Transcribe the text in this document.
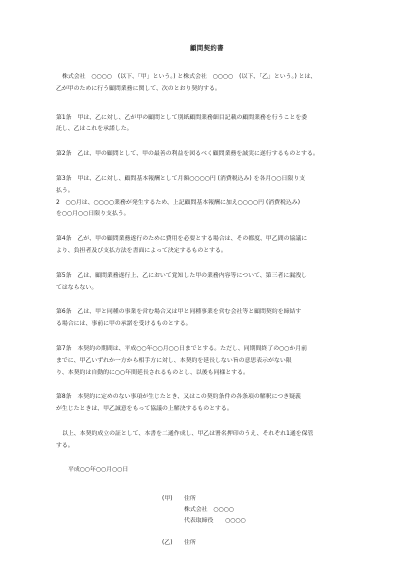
顧問契約書

株式会社　○○○○　(以下、「甲」という。) と株式会社　○○○○　(以下、「乙」という。) とは、
乙が甲のために行う顧問業務に関して、次のとおり契約する。

第1条　甲は、乙に対し、乙が甲の顧問として別紙顧問業務細目記載の顧問業務を行うことを委
託し、乙はこれを承諾した。

第2条　乙は、甲の顧問として、甲の最善の利益を図るべく顧問業務を誠実に遂行するものとする。

第3条　甲は、乙に対し、顧問基本報酬として月額○○○○円 (消費税込み) を各月○○日限り支
払う。
2　○○月は、○○○○業務が発生するため、上記顧問基本報酬に加え○○○○円 (消費税込み)
を○○月○○日限り支払う。

第4条　乙が、甲の顧問業務遂行のために費用を必要とする場合は、その都度、甲乙間の協議に
より、負担者及び支払方法を書面によって決定するものとする。

第5条　乙は、顧問業務遂行上、乙において覚知した甲の業務内容等について、第三者に漏洩し
てはならない。

第6条　乙は、甲と同種の事業を営む場合又は甲と同種事業を営む会社等と顧問契約を締結す
る場合には、事前に甲の承諾を受けるものとする。

第7条　本契約の期間は、平成○○年○○月○○日までとする。ただし、同期間終了の○○か月前
までに、甲乙いずれか一方から相手方に対し、本契約を延長しない旨の意思表示がない限
り、本契約は自動的に○○年間延長されるものとし、以後も同様とする。

第8条　本契約に定めのない事項が生じたとき、又はこの契約条件の各条項の解釈につき疑義
が生じたときは、甲乙誠意をもって協議の上解決するものとする。

以上、本契約成立の証として、本書を二通作成し、甲乙は署名押印のうえ、それぞれ1通を保管
する。

平成○○年○○月○○日
(甲)	住所
株式会社　○○○○
代表取締役　　○○○○
(乙)	住所
